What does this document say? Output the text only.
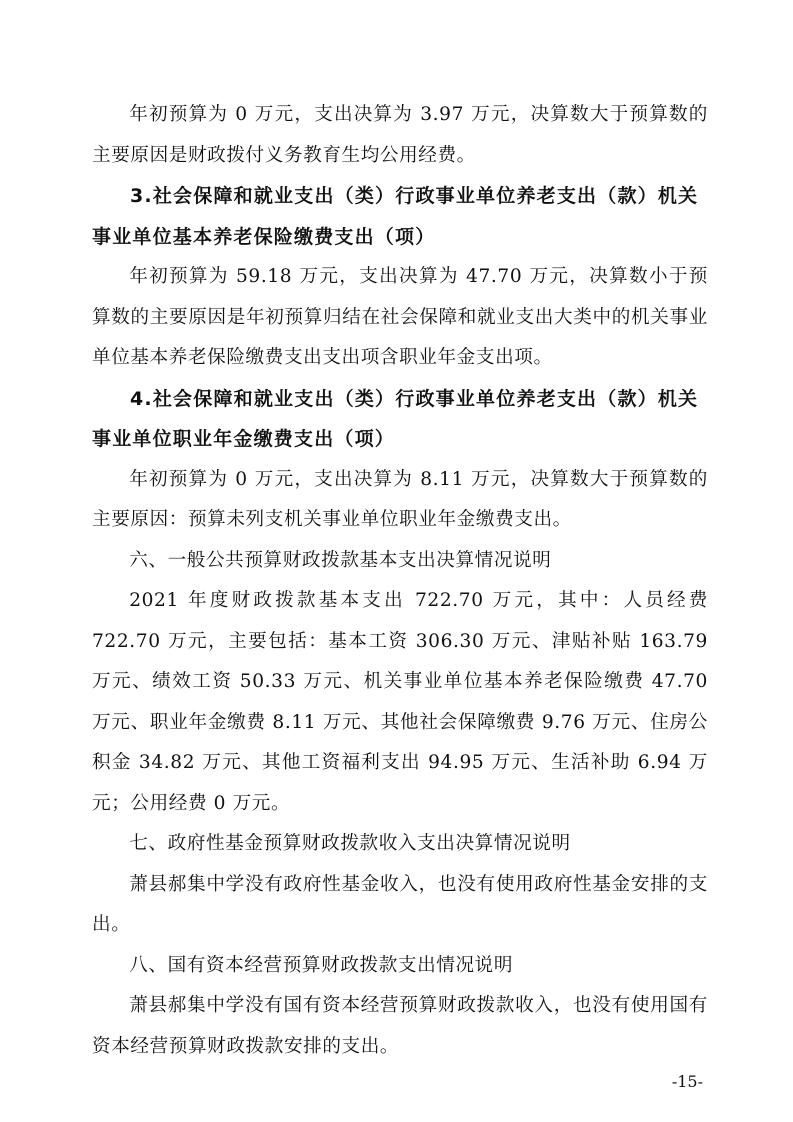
年初预算为 0 万元，支出决算为 3.97 万元，决算数大于预算数的主要原因是财政拨付义务教育生均公用经费。

3.社会保障和就业支出（类）行政事业单位养老支出（款）机关事业单位基本养老保险缴费支出（项）

年初预算为 59.18 万元，支出决算为 47.70 万元，决算数小于预算数的主要原因是年初预算归结在社会保障和就业支出大类中的机关事业单位基本养老保险缴费支出支出项含职业年金支出项。

4.社会保障和就业支出（类）行政事业单位养老支出（款）机关事业单位职业年金缴费支出（项）

年初预算为 0 万元，支出决算为 8.11 万元，决算数大于预算数的主要原因：预算未列支机关事业单位职业年金缴费支出。

六、一般公共预算财政拨款基本支出决算情况说明

2021 年度财政拨款基本支出 722.70 万元，其中：人员经费 722.70 万元，主要包括：基本工资 306.30 万元、津贴补贴 163.79 万元、绩效工资 50.33 万元、机关事业单位基本养老保险缴费 47.70 万元、职业年金缴费 8.11 万元、其他社会保障缴费 9.76 万元、住房公积金 34.82 万元、其他工资福利支出 94.95 万元、生活补助 6.94 万元；公用经费 0 万元。

七、政府性基金预算财政拨款收入支出决算情况说明

萧县郝集中学没有政府性基金收入，也没有使用政府性基金安排的支出。

八、国有资本经营预算财政拨款支出情况说明

萧县郝集中学没有国有资本经营预算财政拨款收入，也没有使用国有资本经营预算财政拨款安排的支出。

-15-
